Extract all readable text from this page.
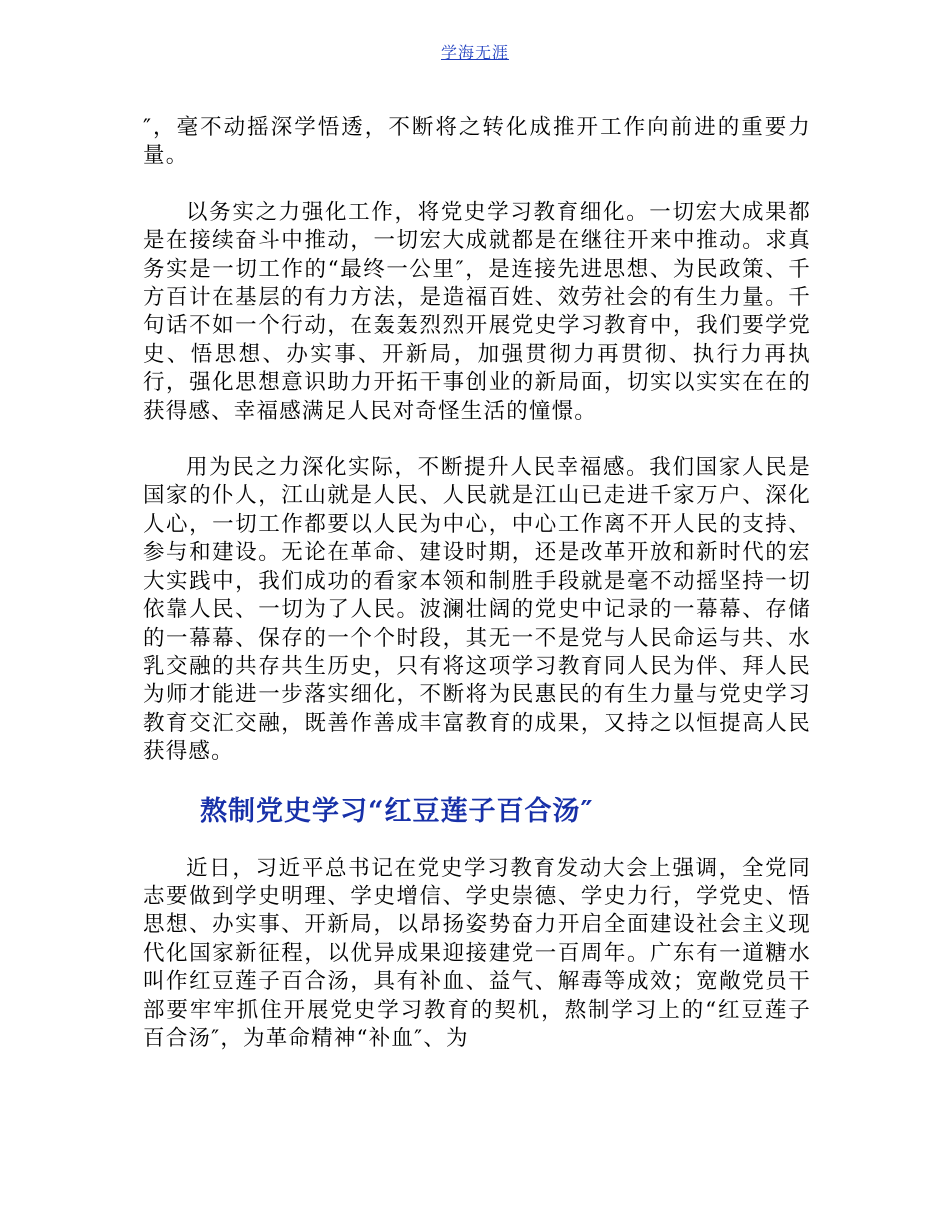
学海无涯

″，毫不动摇深学悟透，不断将之转化成推开工作向前进的重要力量。

以务实之力强化工作，将党史学习教育细化。一切宏大成果都是在接续奋斗中推动，一切宏大成就都是在继往开来中推动。求真务实是一切工作的“最终一公里″，是连接先进思想、为民政策、千方百计在基层的有力方法，是造福百姓、效劳社会的有生力量。千句话不如一个行动，在轰轰烈烈开展党史学习教育中，我们要学党史、悟思想、办实事、开新局，加强贯彻力再贯彻、执行力再执行，强化思想意识助力开拓干事创业的新局面，切实以实实在在的获得感、幸福感满足人民对奇怪生活的憧憬。

用为民之力深化实际，不断提升人民幸福感。我们国家人民是国家的仆人，江山就是人民、人民就是江山已走进千家万户、深化人心，一切工作都要以人民为中心，中心工作离不开人民的支持、参与和建设。无论在革命、建设时期，还是改革开放和新时代的宏大实践中，我们成功的看家本领和制胜手段就是毫不动摇坚持一切依靠人民、一切为了人民。波澜壮阔的党史中记录的一幕幕、存储的一幕幕、保存的一个个时段，其无一不是党与人民命运与共、水乳交融的共存共生历史，只有将这项学习教育同人民为伴、拜人民为师才能进一步落实细化，不断将为民惠民的有生力量与党史学习教育交汇交融，既善作善成丰富教育的成果，又持之以恒提高人民获得感。

熬制党史学习“红豆莲子百合汤″

近日，习近平总书记在党史学习教育发动大会上强调，全党同志要做到学史明理、学史增信、学史崇德、学史力行，学党史、悟思想、办实事、开新局，以昂扬姿势奋力开启全面建设社会主义现代化国家新征程，以优异成果迎接建党一百周年。广东有一道糖水叫作红豆莲子百合汤，具有补血、益气、解毒等成效；宽敞党员干部要牢牢抓住开展党史学习教育的契机，熬制学习上的“红豆莲子百合汤″，为革命精神“补血″、为
